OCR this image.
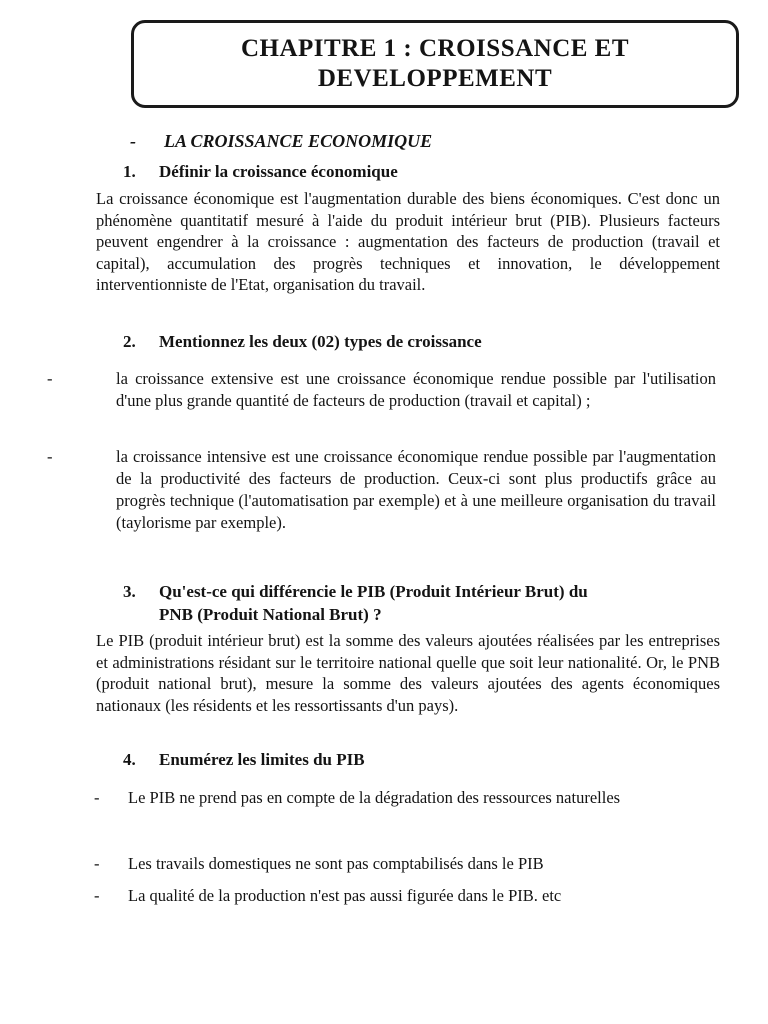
CHAPITRE 1 : CROISSANCE ET
DEVELOPPEMENT
- LA CROISSANCE ECONOMIQUE
1. Définir la croissance économique

La croissance économique est l'augmentation durable des biens économiques. C'est donc un phénomène quantitatif mesuré à l'aide du produit intérieur brut (PIB). Plusieurs facteurs peuvent engendrer à la croissance : augmentation des facteurs de production (travail et capital), accumulation des progrès techniques et innovation, le développement interventionniste de l'Etat, organisation du travail.

2. Mentionnez les deux (02) types de croissance
-	la croissance extensive est une croissance économique rendue possible par l'utilisation d'une plus grande quantité de facteurs de production (travail et capital) ;
-	la croissance intensive est une croissance économique rendue possible par l'augmentation de la productivité des facteurs de production. Ceux-ci sont plus productifs grâce au progrès technique (l'automatisation par exemple) et à une meilleure organisation du travail (taylorisme par exemple).
3. Qu'est-ce qui différencie le PIB (Produit Intérieur Brut) du
PNB (Produit National Brut) ?

Le PIB (produit intérieur brut) est la somme des valeurs ajoutées réalisées par les entreprises et administrations résidant sur le territoire national quelle que soit leur nationalité. Or, le PNB (produit national brut), mesure la somme des valeurs ajoutées des agents économiques nationaux (les résidents et les ressortissants d'un pays).

4. Enumérez les limites du PIB
- Le PIB ne prend pas en compte de la dégradation des ressources naturelles
- Les travails domestiques ne sont pas comptabilisés dans le PIB
- La qualité de la production n'est pas aussi figurée dans le PIB. etc
